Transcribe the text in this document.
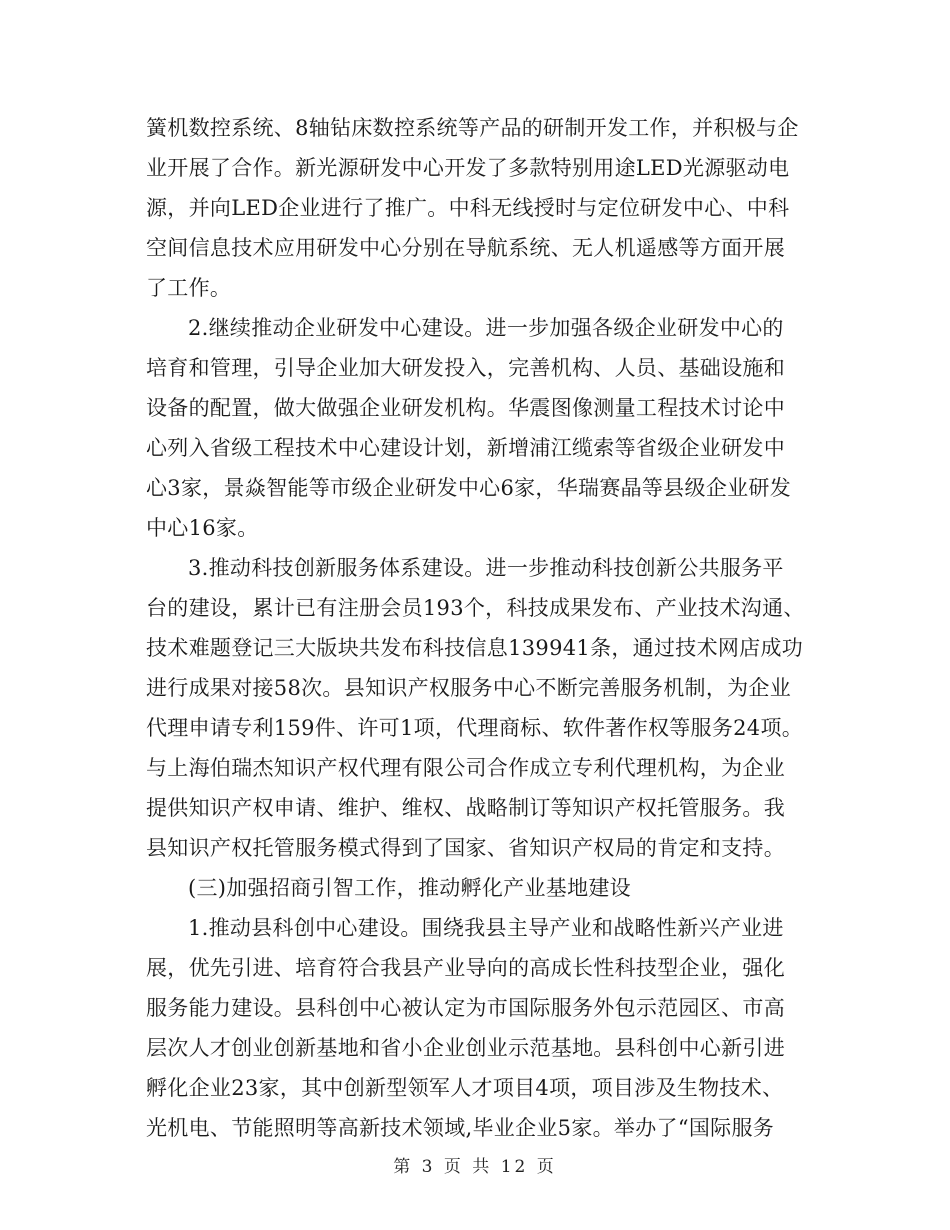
簧机数控系统、8轴钻床数控系统等产品的研制开发工作，并积极与企
业开展了合作。新光源研发中心开发了多款特别用途LED光源驱动电
源，并向LED企业进行了推广。中科无线授时与定位研发中心、中科
空间信息技术应用研发中心分别在导航系统、无人机遥感等方面开展
了工作。
2.继续推动企业研发中心建设。进一步加强各级企业研发中心的
培育和管理，引导企业加大研发投入，完善机构、人员、基础设施和
设备的配置，做大做强企业研发机构。华震图像测量工程技术讨论中
心列入省级工程技术中心建设计划，新增浦江缆索等省级企业研发中
心3家，景焱智能等市级企业研发中心6家，华瑞赛晶等县级企业研发
中心16家。
3.推动科技创新服务体系建设。进一步推动科技创新公共服务平
台的建设，累计已有注册会员193个，科技成果发布、产业技术沟通、
技术难题登记三大版块共发布科技信息139941条，通过技术网店成功
进行成果对接58次。县知识产权服务中心不断完善服务机制，为企业
代理申请专利159件、许可1项，代理商标、软件著作权等服务24项。
与上海伯瑞杰知识产权代理有限公司合作成立专利代理机构，为企业
提供知识产权申请、维护、维权、战略制订等知识产权托管服务。我
县知识产权托管服务模式得到了国家、省知识产权局的肯定和支持。
(三)加强招商引智工作，推动孵化产业基地建设
1.推动县科创中心建设。围绕我县主导产业和战略性新兴产业进
展，优先引进、培育符合我县产业导向的高成长性科技型企业，强化
服务能力建设。县科创中心被认定为市国际服务外包示范园区、市高
层次人才创业创新基地和省小企业创业示范基地。县科创中心新引进
孵化企业23家，其中创新型领军人才项目4项，项目涉及生物技术、
光机电、节能照明等高新技术领域,毕业企业5家。举办了“国际服务
第 3 页 共 12 页
